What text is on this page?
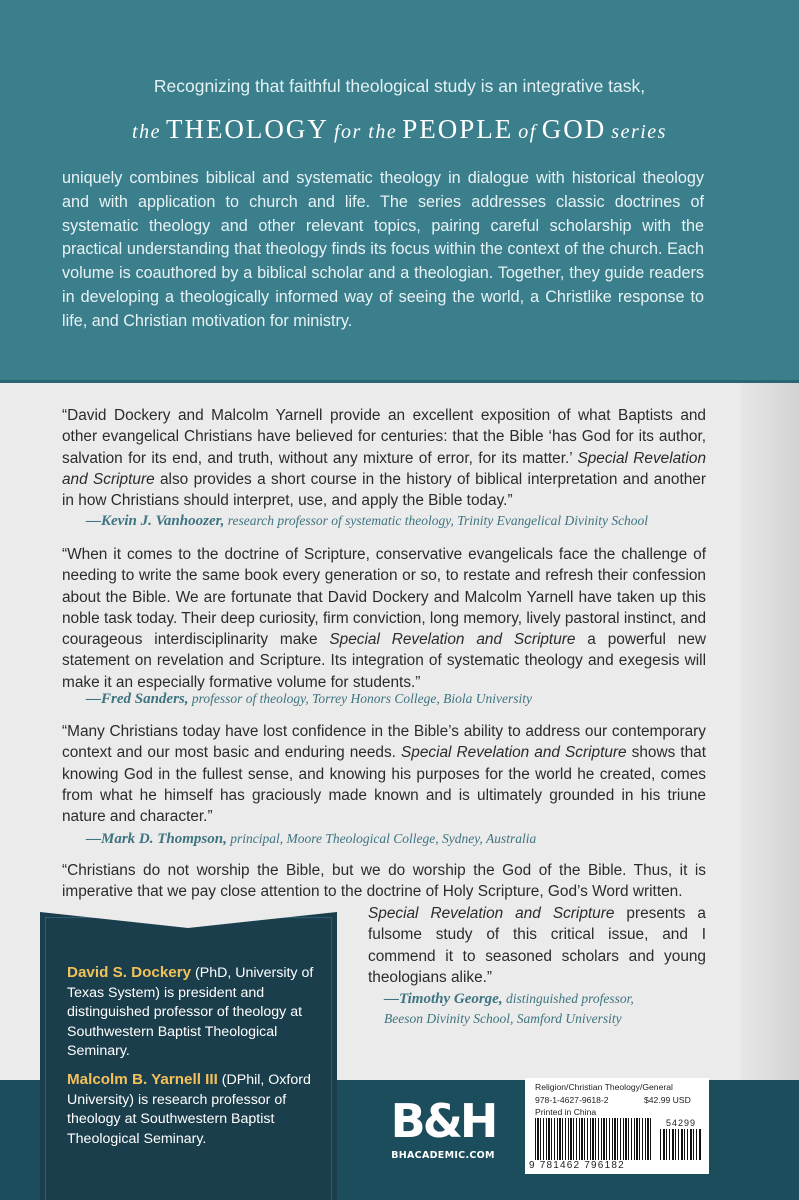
Recognizing that faithful theological study is an integrative task,
the THEOLOGY for the PEOPLE of GOD series
uniquely combines biblical and systematic theology in dialogue with historical theology and with application to church and life. The series addresses classic doctrines of systematic theology and other relevant topics, pairing careful scholarship with the practical understanding that theology finds its focus within the context of the church. Each volume is coauthored by a biblical scholar and a theologian. Together, they guide readers in developing a theologically informed way of seeing the world, a Christlike response to life, and Christian motivation for ministry.
“David Dockery and Malcolm Yarnell provide an excellent exposition of what Baptists and other evangelical Christians have believed for centuries: that the Bible ‘has God for its author, salvation for its end, and truth, without any mixture of error, for its matter.’ Special Revelation and Scripture also provides a short course in the history of biblical interpretation and another in how Christians should interpret, use, and apply the Bible today.”
—Kevin J. Vanhoozer, research professor of systematic theology, Trinity Evangelical Divinity School
“When it comes to the doctrine of Scripture, conservative evangelicals face the challenge of needing to write the same book every generation or so, to restate and refresh their confession about the Bible. We are fortunate that David Dockery and Malcolm Yarnell have taken up this noble task today. Their deep curiosity, firm conviction, long memory, lively pastoral instinct, and courageous interdisciplinarity make Special Revelation and Scripture a powerful new statement on revelation and Scripture. Its integration of systematic theology and exegesis will make it an especially formative volume for students.”
—Fred Sanders, professor of theology, Torrey Honors College, Biola University
“Many Christians today have lost confidence in the Bible’s ability to address our contemporary context and our most basic and enduring needs. Special Revelation and Scripture shows that knowing God in the fullest sense, and knowing his purposes for the world he created, comes from what he himself has graciously made known and is ultimately grounded in his triune nature and character.”
—Mark D. Thompson, principal, Moore Theological College, Sydney, Australia
“Christians do not worship the Bible, but we do worship the God of the Bible. Thus, it is imperative that we pay close attention to the doctrine of Holy Scripture, God’s Word written.
Special Revelation and Scripture presents a fulsome study of this critical issue, and I commend it to seasoned scholars and young theologians alike.”
—Timothy George, distinguished professor,
Beeson Divinity School, Samford University
David S. Dockery (PhD, University of Texas System) is president and distinguished professor of theology at Southwestern Baptist Theological Seminary.
Malcolm B. Yarnell III (DPhil, Oxford University) is research professor of theology at Southwestern Baptist Theological Seminary.	B&H
BHACADEMIC.COM
Religion/Christian Theology/General
978-1-4627-9618-2	$42.99 USD
Printed in China
54299
9 781462 796182
